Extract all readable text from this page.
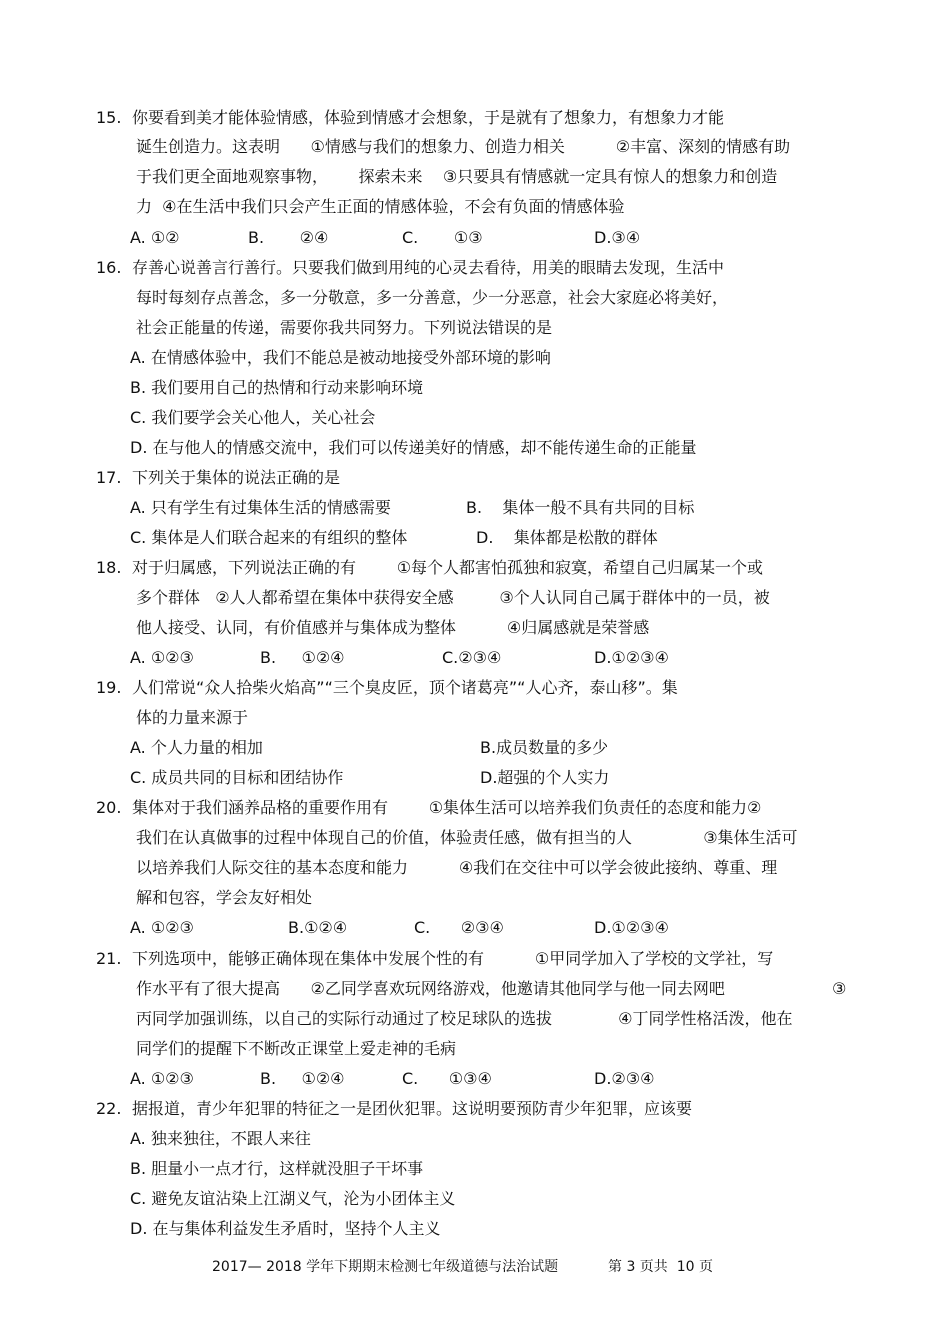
15. 你要看到美才能体验情感，体验到情感才会想象，于是就有了想象力，有想象力才能
诞生创造力。这表明      ①情感与我们的想象力、创造力相关          ②丰富、深刻的情感有助
于我们更全面地观察事物，      探索未来    ③只要具有情感就一定具有惊人的想象力和创造
力  ④在生活中我们只会产生正面的情感体验，不会有负面的情感体验
A. ①②	B.       ②④	C.       ①③	D.③④
16. 存善心说善言行善行。只要我们做到用纯的心灵去看待，用美的眼睛去发现，生活中
每时每刻存点善念，多一分敬意，多一分善意，少一分恶意，社会大家庭必将美好，
社会正能量的传递，需要你我共同努力。下列说法错误的是
A. 在情感体验中，我们不能总是被动地接受外部环境的影响
B. 我们要用自己的热情和行动来影响环境
C. 我们要学会关心他人，关心社会
D. 在与他人的情感交流中，我们可以传递美好的情感，却不能传递生命的正能量
17. 下列关于集体的说法正确的是
A. 只有学生有过集体生活的情感需要	B.    集体一般不具有共同的目标
C. 集体是人们联合起来的有组织的整体	D.    集体都是松散的群体
18. 对于归属感，下列说法正确的有        ①每个人都害怕孤独和寂寞，希望自己归属某一个或
多个群体   ②人人都希望在集体中获得安全感         ③个人认同自己属于群体中的一员，被
他人接受、认同，有价值感并与集体成为整体          ④归属感就是荣誉感
A. ①②③	B.     ①②④	C.②③④	D.①②③④
19. 人们常说“众人拾柴火焰高”“三个臭皮匠，顶个诸葛亮”“人心齐，泰山移”。集
体的力量来源于
A. 个人力量的相加	B.成员数量的多少
C. 成员共同的目标和团结协作	D.超强的个人实力
20. 集体对于我们涵养品格的重要作用有        ①集体生活可以培养我们负责任的态度和能力②
我们在认真做事的过程中体现自己的价值，体验责任感，做有担当的人              ③集体生活可
以培养我们人际交往的基本态度和能力          ④我们在交往中可以学会彼此接纳、尊重、理
解和包容，学会友好相处
A. ①②③	B.①②④	C.      ②③④	D.①②③④
21. 下列选项中，能够正确体现在集体中发展个性的有          ①甲同学加入了学校的文学社，写
作水平有了很大提高      ②乙同学喜欢玩网络游戏，他邀请其他同学与他一同去网吧	③
丙同学加强训练，以自己的实际行动通过了校足球队的选拔             ④丁同学性格活泼，他在
同学们的提醒下不断改正课堂上爱走神的毛病
A. ①②③	B.     ①②④	C.      ①③④	D.②③④
22. 据报道，青少年犯罪的特征之一是团伙犯罪。这说明要预防青少年犯罪，应该要
A. 独来独往，不跟人来往
B. 胆量小一点才行，这样就没胆子干坏事
C. 避免友谊沾染上江湖义气，沦为小团体主义
D. 在与集体利益发生矛盾时，坚持个人主义
2017— 2018 学年下期期末检测七年级道德与法治试题	第 3 页共  10 页
